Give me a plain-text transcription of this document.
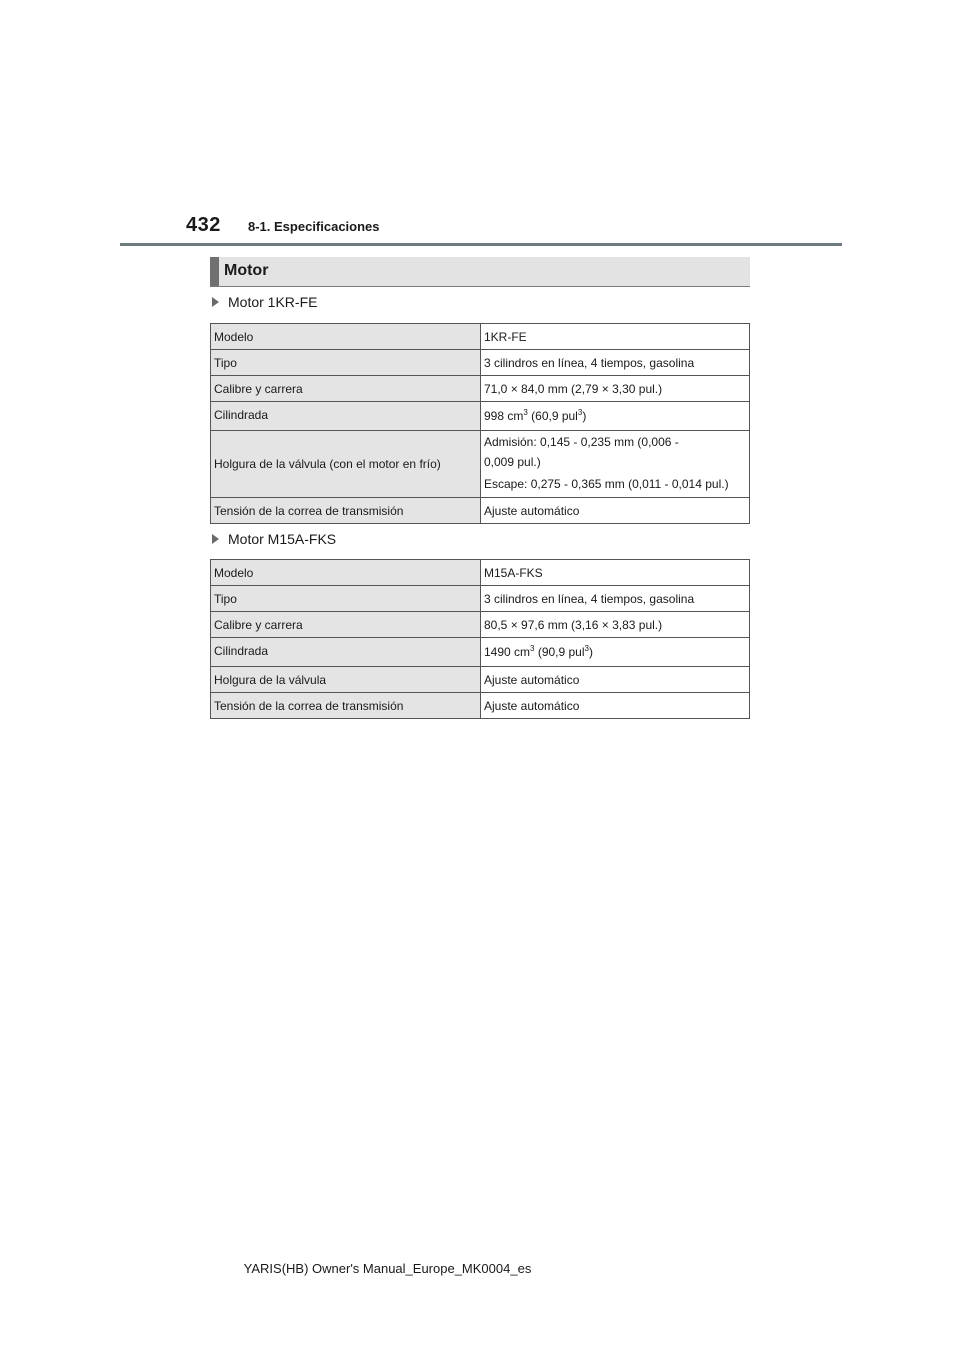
432 8-1. Especificaciones
Motor
Motor 1KR-FE
Modelo	1KR-FE
Tipo	3 cilindros en línea, 4 tiempos, gasolina
Calibre y carrera	71,0 × 84,0 mm (2,79 × 3,30 pul.)
Cilindrada	998 $cm^3$ (60,9 pul$^3$)
Holgura de la válvula (con el motor en frío)	Admisión: 0,145 - 0,235 mm (0,006 -
0,009 pul.)
Escape: 0,275 - 0,365 mm (0,011 - 0,014 pul.)

Tensión de la correa de transmisión	Ajuste automático
Motor M15A-FKS
Modelo	M15A-FKS
Tipo	3 cilindros en línea, 4 tiempos, gasolina
Calibre y carrera	80,5 × 97,6 mm (3,16 × 3,83 pul.)
Cilindrada	1490 $cm^3$ (90,9 pul$^3$)
Holgura de la válvula	Ajuste automático
Tensión de la correa de transmisión	Ajuste automático
YARIS(HB) Owner's Manual_Europe_MK0004_es
